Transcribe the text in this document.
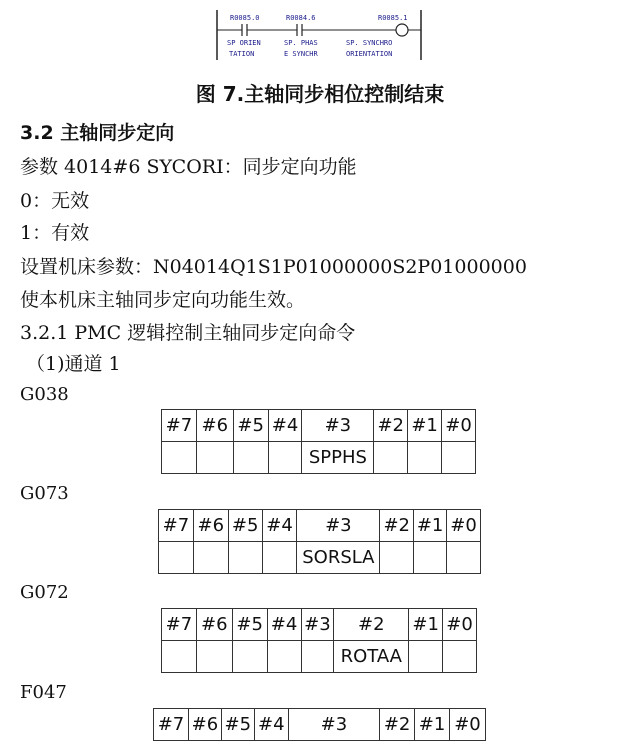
R0085.0
SP ORIEN
TATION
R0084.6
SP. PHAS
E SYNCHR
R0085.1
SP. SYNCHRO
ORIENTATION
图 7.主轴同步相位控制结束
3.2 主轴同步定向
参数 4014#6 SYCORI：同步定向功能
0：无效
1：有效
设置机床参数：N04014Q1S1P01000000S2P01000000
使本机床主轴同步定向功能生效。
3.2.1 PMC 逻辑控制主轴同步定向命令
（1)通道 1
G038
#7	#6	#5	#4	#3	#2	#1	#0
				SPPHS			
G073
#7	#6	#5	#4	#3	#2	#1	#0
				SORSLA			
G072
#7	#6	#5	#4	#3	#2	#1	#0
					ROTAA		
F047
#7	#6	#5	#4	#3	#2	#1	#0
